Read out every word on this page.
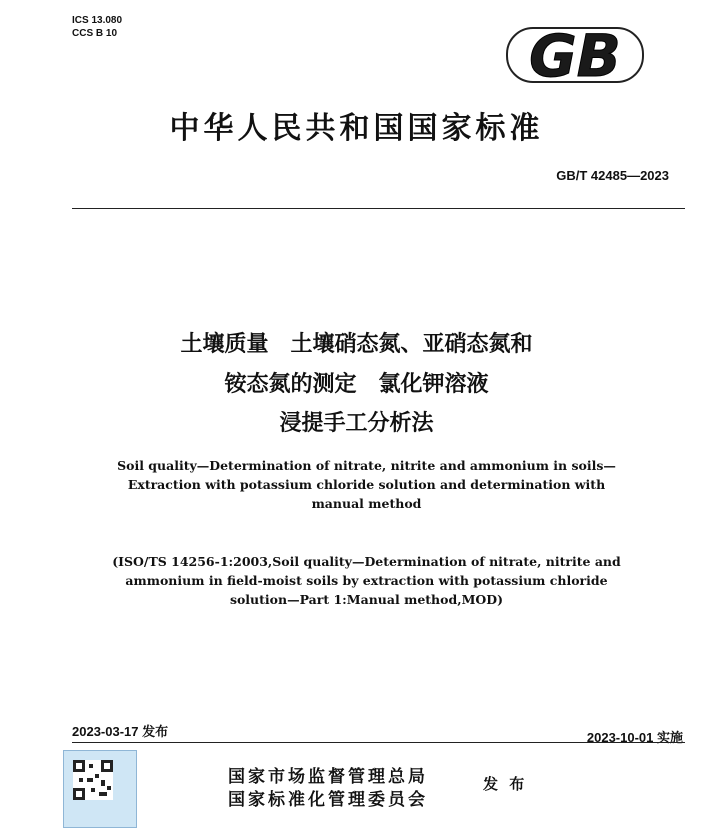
ICS 13.080
CCS B 10	GB
中华人民共和国国家标准
GB/T 42485—2023
土壤质量　土壤硝态氮、亚硝态氮和
铵态氮的测定　氯化钾溶液
浸提手工分析法
Soil quality—Determination of nitrate, nitrite and ammonium in soils—
Extraction with potassium chloride solution and determination with
manual method
(ISO/TS 14256-1:2003,Soil quality—Determination of nitrate, nitrite and
ammonium in field-moist soils by extraction with potassium chloride
solution—Part 1:Manual method,MOD)
2023-03-17 发布	2023-10-01 实施
国家市场监督管理总局
国家标准化管理委员会
发 布
